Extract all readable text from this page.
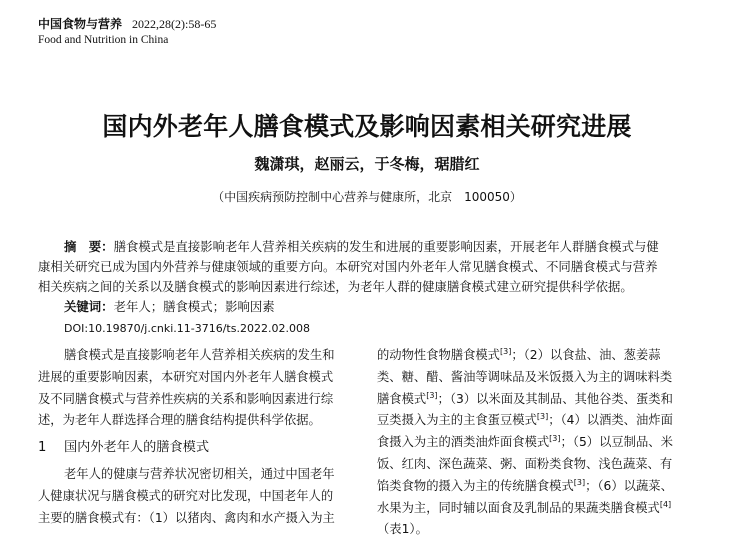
中国食物与营养 2022,28(2):58-65
Food and Nutrition in China
国内外老年人膳食模式及影响因素相关研究进展
魏潇琪，赵丽云，于冬梅，琚腊红
（中国疾病预防控制中心营养与健康所，北京　100050）
摘　要：膳食模式是直接影响老年人营养相关疾病的发生和进展的重要影响因素，开展老年人群膳食模式与健
康相关研究已成为国内外营养与健康领域的重要方向。本研究对国内外老年人常见膳食模式、不同膳食模式与营养
相关疾病之间的关系以及膳食模式的影响因素进行综述，为老年人群的健康膳食模式建立研究提供科学依据。
关键词：老年人；膳食模式；影响因素
DOI:10.19870/j.cnki.11-3716/ts.2022.02.008
膳食模式是直接影响老年人营养相关疾病的发生和
进展的重要影响因素，本研究对国内外老年人膳食模式
及不同膳食模式与营养性疾病的关系和影响因素进行综
述，为老年人群选择合理的膳食结构提供科学依据。
1 国内外老年人的膳食模式
老年人的健康与营养状况密切相关，通过中国老年
人健康状况与膳食模式的研究对比发现，中国老年人的
主要的膳食模式有：（1）以猪肉、禽肉和水产摄入为主
的动物性食物膳食模式[3]；（2）以食盐、油、葱姜蒜
类、糖、醋、酱油等调味品及米饭摄入为主的调味料类
膳食模式[3]；（3）以米面及其制品、其他谷类、蛋类和
豆类摄入为主的主食蛋豆模式[3]；（4）以酒类、油炸面
食摄入为主的酒类油炸面食模式[3]；（5）以豆制品、米
饭、红肉、深色蔬菜、粥、面粉类食物、浅色蔬菜、有
馅类食物的摄入为主的传统膳食模式[3]；（6）以蔬菜、
水果为主，同时辅以面食及乳制品的果蔬类膳食模式[4]
（表1）。
